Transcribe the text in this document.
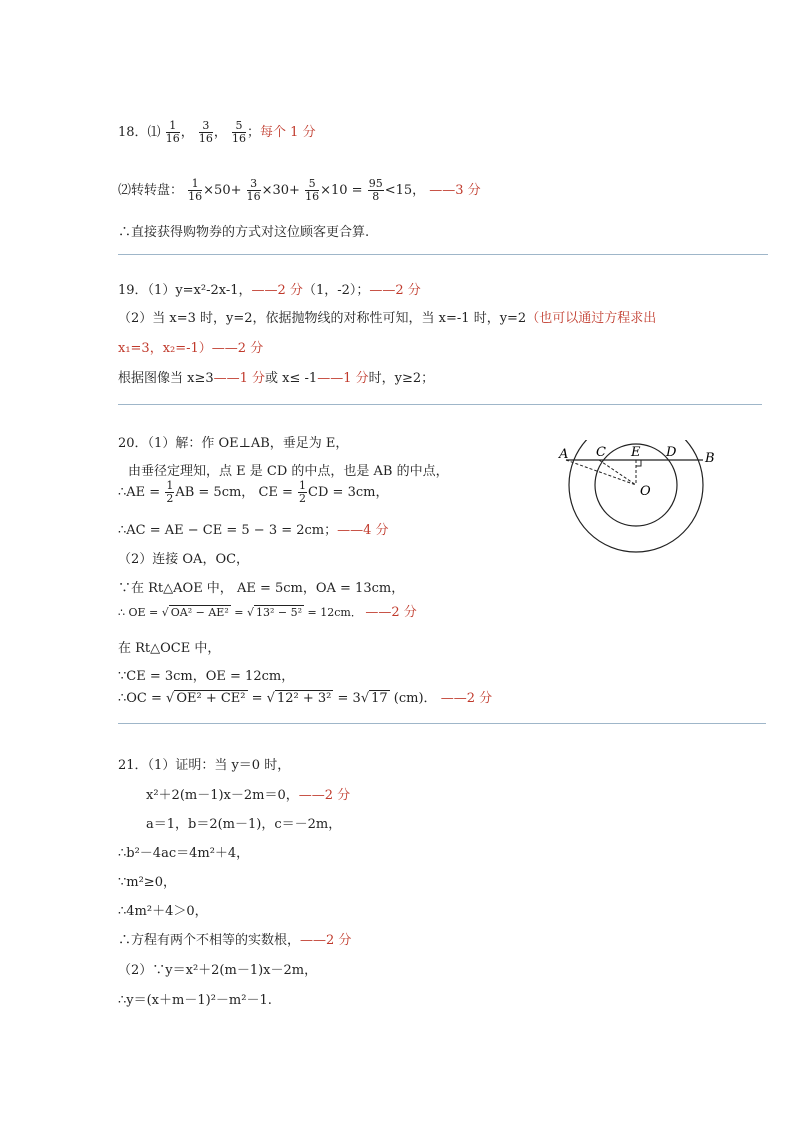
18．⑴ $\frac{1}{16}$ ， $\frac{3}{16}$ ， $\frac{5}{16}$ ；每个 1 分
⑵转转盘： $\frac{1}{16} \times 50+ \frac{3}{16} \times 30+ \frac{5}{16} \times 10 = \frac{95}{8} <15$， ——3 分
∴直接获得购物券的方式对这位顾客更合算.
19．（1）y=x²-2x-1，——2 分（1，-2）；——2 分
（2）当 x=3 时，y=2，依据抛物线的对称性可知，当 x=-1 时，y=2（也可以通过方程求出
x₁=3，x₂=-1）——2 分
根据图像当 x≥3——1 分或 x≤ -1——1 分时，y≥2；
20．（1）解：作 OE⊥AB，垂足为 E，
由垂径定理知，点 E 是 CD 的中点，也是 AB 的中点，
∴AE = $\frac{1}{2}$ AB = 5cm， CE = $\frac{1}{2}$ CD = 3cm，
∴AC = AE − CE = 5 − 3 = 2cm；——4 分
（2）连接 OA，OC，
∵在 Rt△AOE 中， AE = 5cm，OA = 13cm，
∴ OE = √ OA² − AE² = √ 13² − 5² = 12cm． ——2 分
在 Rt△OCE 中，
∵CE = 3cm，OE = 12cm，
∴OC = √ OE² + CE² = √ 12² + 3² = 3√ 17 (cm)． ——2 分
A C E D B
O
21．（1）证明：当 y＝0 时，
x²＋2(m－1)x－2m＝0，——2 分
a＝1，b＝2(m－1)，c＝－2m，
∴b²－4ac＝4m²＋4，
∵m²≥0，
∴4m²＋4＞0，
∴方程有两个不相等的实数根，——2 分
（2）∵y＝x²＋2(m－1)x－2m，
∴y＝(x＋m－1)²－m²－1.
